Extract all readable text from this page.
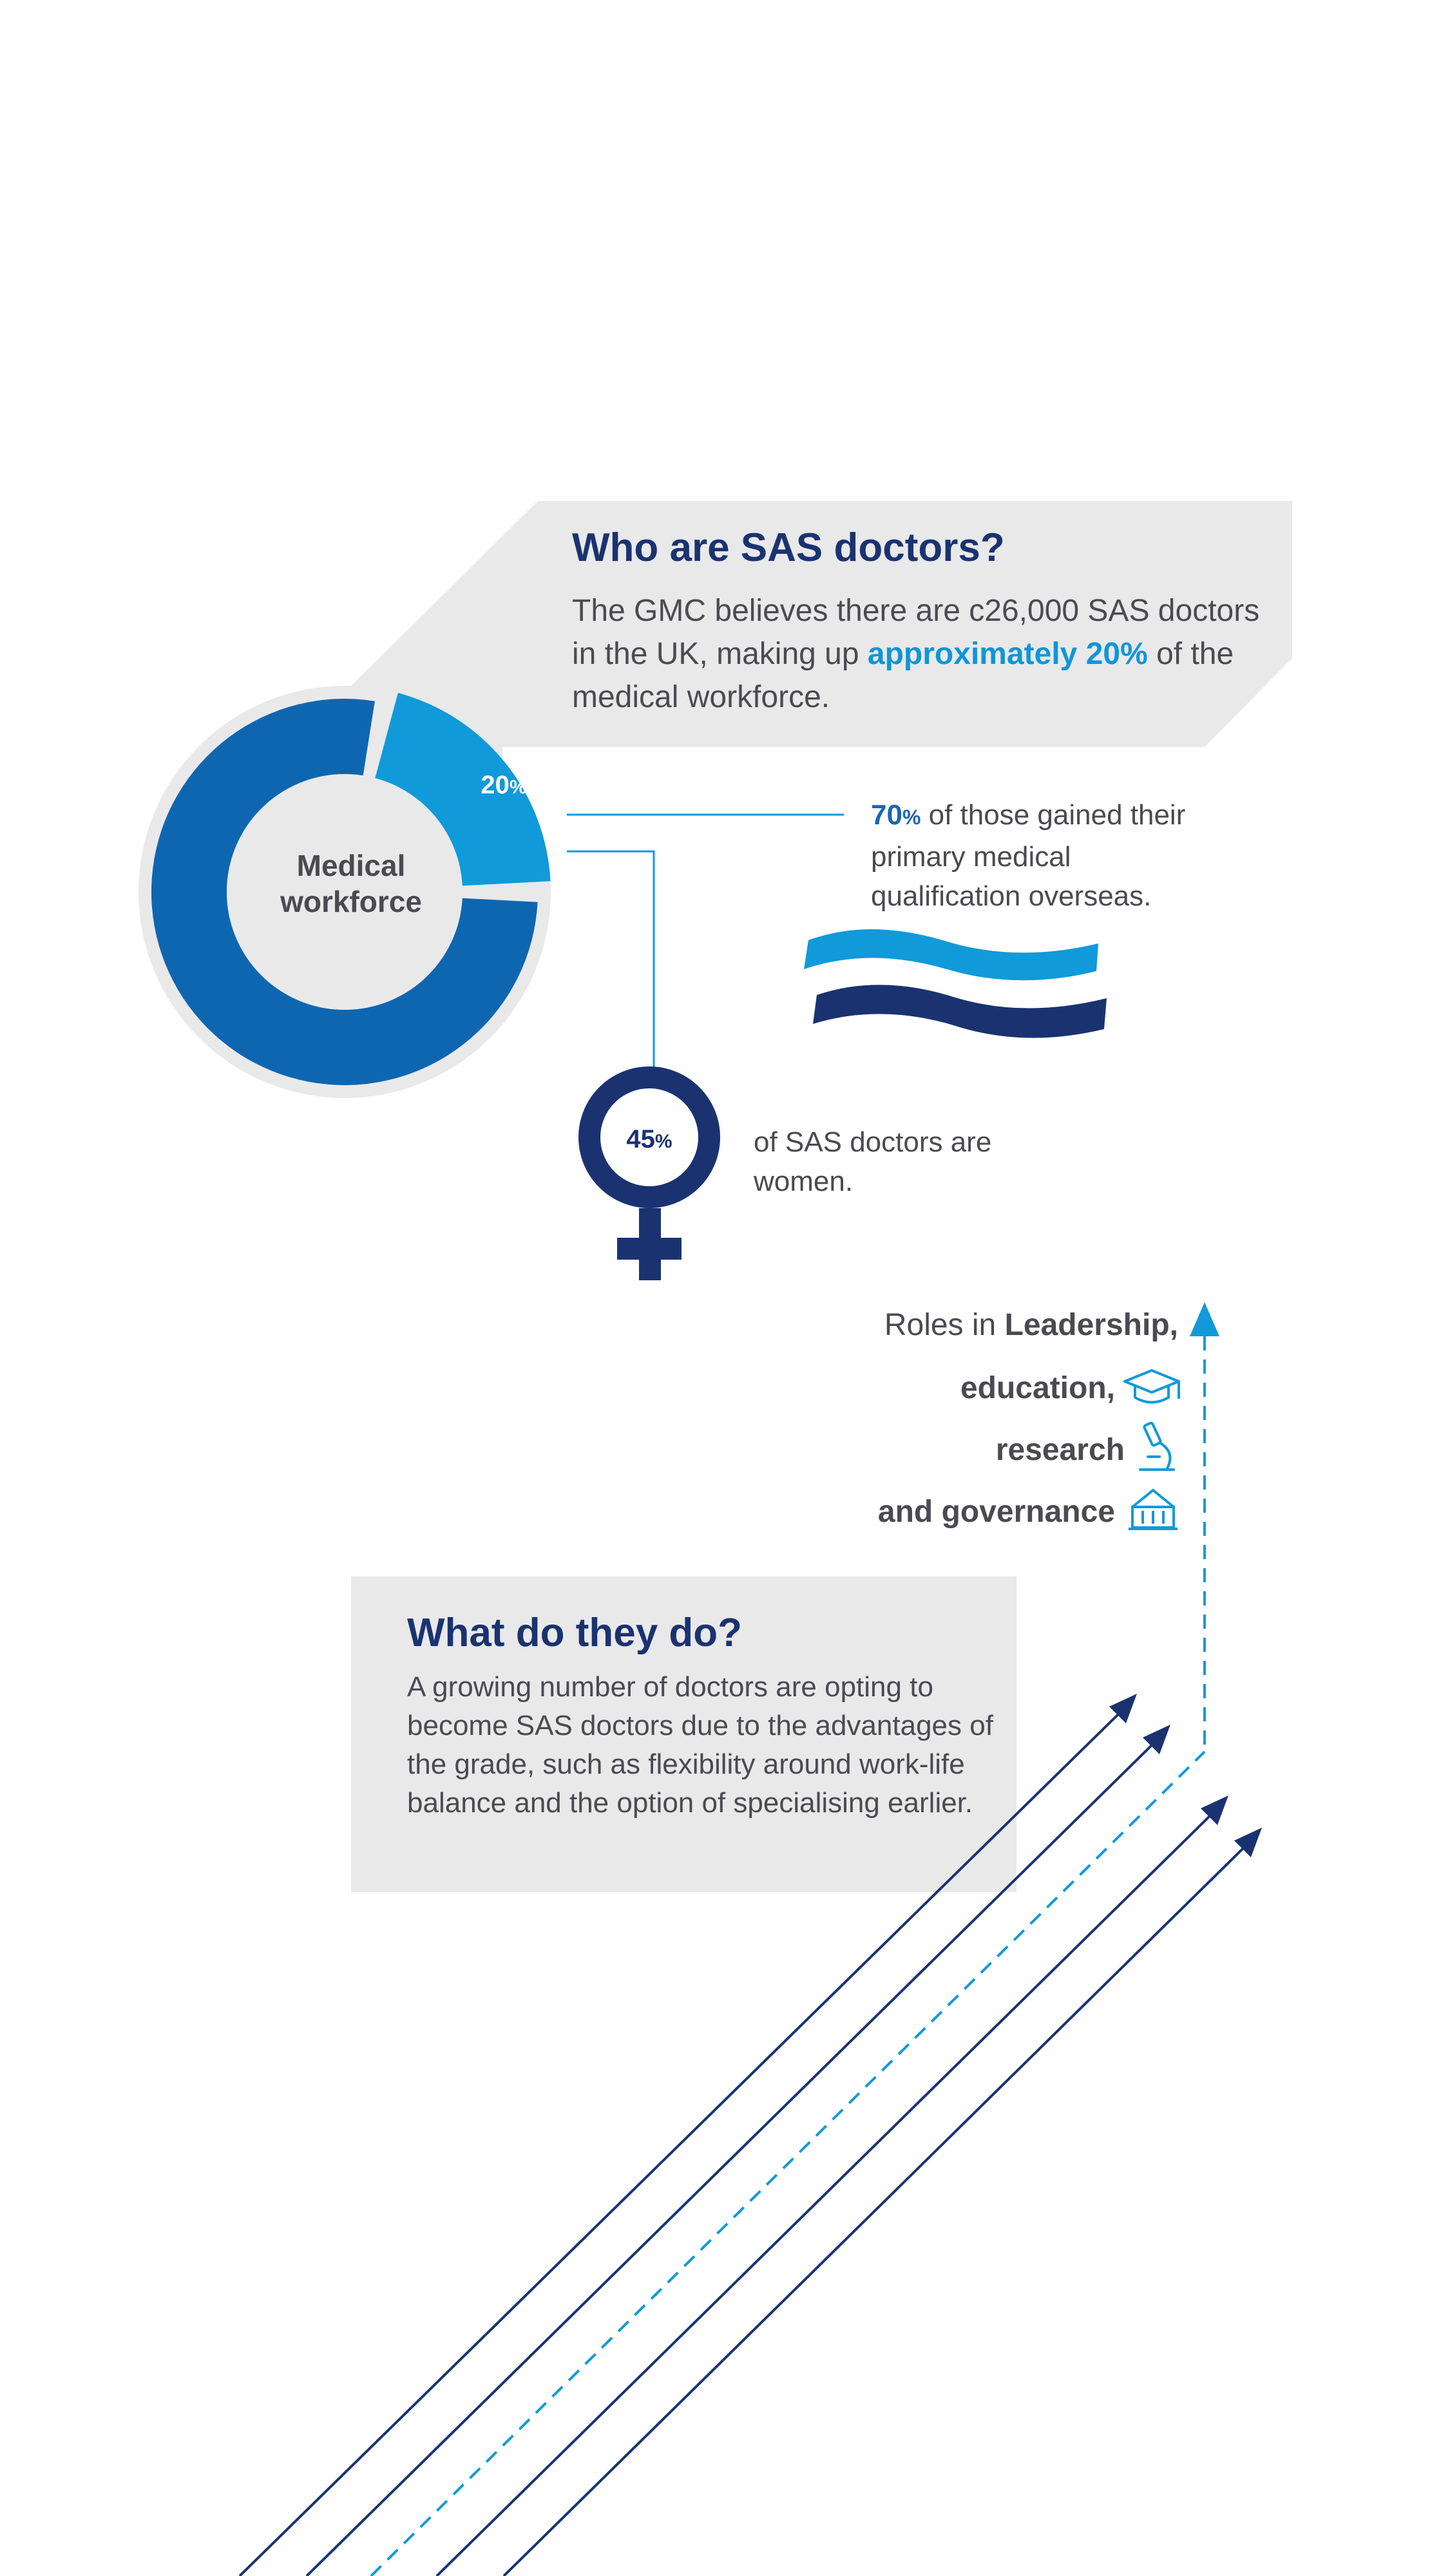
Medical
workforce
20%
45%
Who are SAS doctors?

The GMC believes there are c26,000 SAS doctors in the UK, making up approximately 20% of the medical workforce.

70% of those gained their primary medical qualification overseas.

of SAS doctors are women.

Roles in Leadership,

education,

research

and governance

What do they do?

A growing number of doctors are opting to become SAS doctors due to the advantages of the grade, such as flexibility around work-life balance and the option of specialising earlier.
